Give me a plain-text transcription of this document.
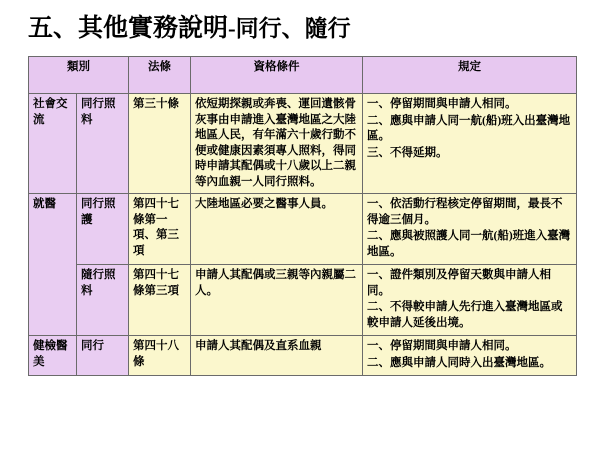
五、其他實務說明-同行、隨行
類別		法條	資格條件	規定
社會交流	同行照料	第三十條	依短期探親或奔喪、運回遺骸骨灰事由申請進入臺灣地區之大陸地區人民，有年滿六十歲行動不便或健康因素須專人照料，得同時申請其配偶或十八歲以上二親等內血親一人同行照料。	一、停留期間與申請人相同。
二、應與申請人同一航(船)班入出臺灣地區。
三、不得延期。

就醫	同行照護	第四十七條第一項、第三項	大陸地區必要之醫事人員。	一、依活動行程核定停留期間，最長不得逾三個月。
二、應與被照護人同一航(船)班進入臺灣地區。

	隨行照料	第四十七條第三項	申請人其配偶或三親等內親屬二人。	一、證件類別及停留天數與申請人相同。
二、不得較申請人先行進入臺灣地區或較申請人延後出境。

健檢醫美	同行	第四十八條	申請人其配偶及直系血親	一、停留期間與申請人相同。
二、應與申請人同時入出臺灣地區。
